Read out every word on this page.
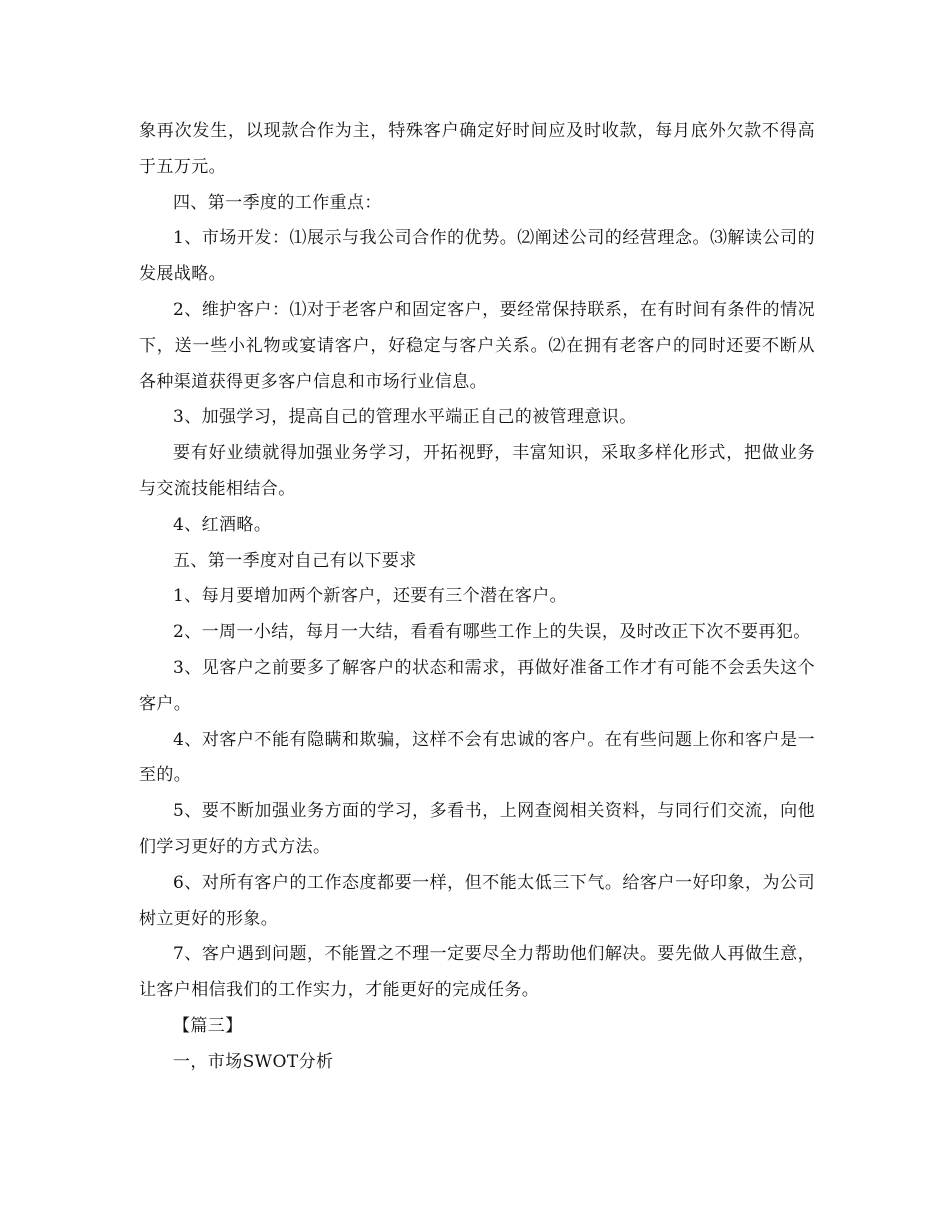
象再次发生，以现款合作为主，特殊客户确定好时间应及时收款，每月底外欠款不得高于五万元。

四、第一季度的工作重点：

1、市场开发：⑴展示与我公司合作的优势。⑵阐述公司的经营理念。⑶解读公司的发展战略。

2、维护客户：⑴对于老客户和固定客户，要经常保持联系，在有时间有条件的情况下，送一些小礼物或宴请客户，好稳定与客户关系。⑵在拥有老客户的同时还要不断从各种渠道获得更多客户信息和市场行业信息。

3、加强学习，提高自己的管理水平端正自己的被管理意识。

要有好业绩就得加强业务学习，开拓视野，丰富知识，采取多样化形式，把做业务与交流技能相结合。

4、红酒略。

五、第一季度对自己有以下要求

1、每月要增加两个新客户，还要有三个潜在客户。

2、一周一小结，每月一大结，看看有哪些工作上的失误，及时改正下次不要再犯。

3、见客户之前要多了解客户的状态和需求，再做好准备工作才有可能不会丢失这个客户。

4、对客户不能有隐瞒和欺骗，这样不会有忠诚的客户。在有些问题上你和客户是一至的。

5、要不断加强业务方面的学习，多看书，上网查阅相关资料，与同行们交流，向他们学习更好的方式方法。

6、对所有客户的工作态度都要一样，但不能太低三下气。给客户一好印象，为公司树立更好的形象。

7、客户遇到问题，不能置之不理一定要尽全力帮助他们解决。要先做人再做生意，让客户相信我们的工作实力，才能更好的完成任务。

【篇三】

一，市场SWOT分析
